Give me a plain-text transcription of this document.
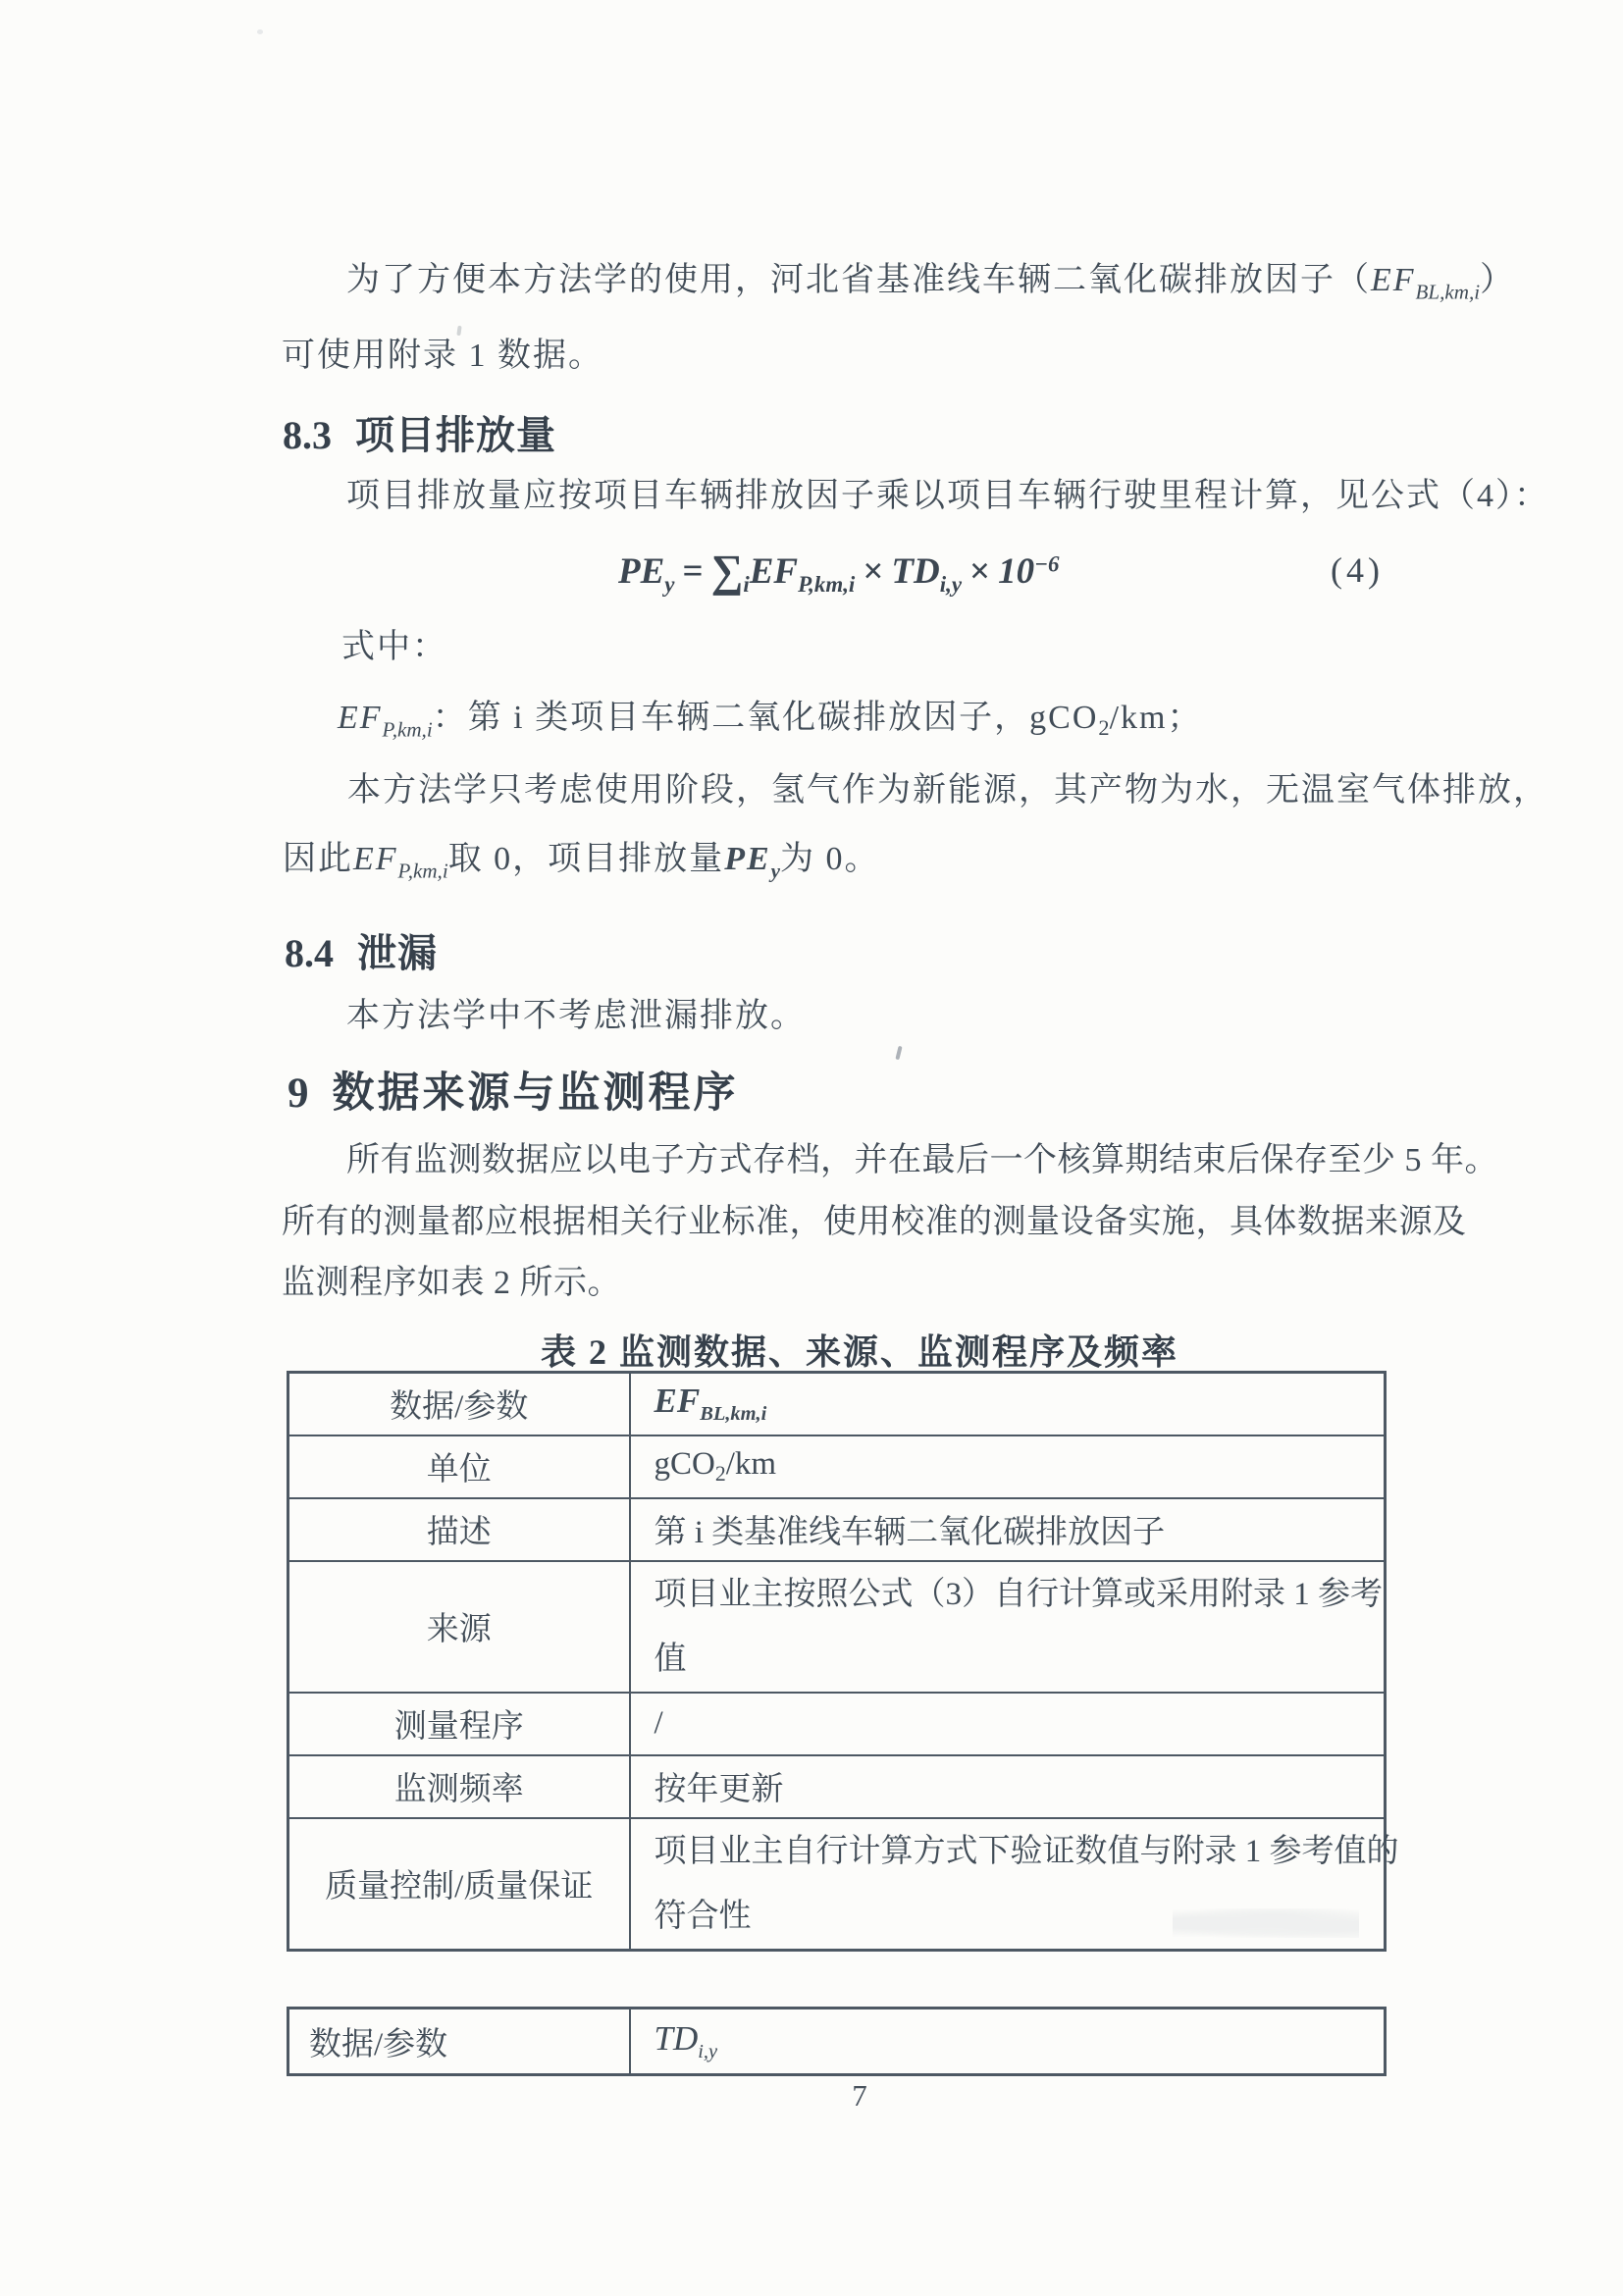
为了方便本方法学的使用，河北省基准线车辆二氧化碳排放因子$(EF_{BL,km,i})$
可使用附录 1 数据。
8.3 项目排放量
项目排放量应按项目车辆排放因子乘以项目车辆行驶里程计算，见公式（4）：
$PE_y = \sum_iEF_{P,km,i} \times TD_{i,y} \times 10^{-6}$	(4)
式中：
$EF_{P,km,i}$：第 i 类项目车辆二氧化碳排放因子，gCO$_2$/km；
本方法学只考虑使用阶段，氢气作为新能源，其产物为水，无温室气体排放，
因此$EF_{P,km,i}$取 0，项目排放量$PE_y$为 0。
8.4 泄漏
本方法学中不考虑泄漏排放。
9 数据来源与监测程序
所有监测数据应以电子方式存档，并在最后一个核算期结束后保存至少 5 年。
所有的测量都应根据相关行业标准，使用校准的测量设备实施，具体数据来源及
监测程序如表 2 所示。
表 2 监测数据、来源、监测程序及频率
数据/参数	$EF_{BL,km,i}$
单位	gCO$_2$/km
描述	第 i 类基准线车辆二氧化碳排放因子
来源	项目业主按照公式（3）自行计算或采用附录 1 参考
值

测量程序	/
监测频率	按年更新
质量控制/质量保证	项目业主自行计算方式下验证数值与附录 1 参考值的
符合性
数据/参数	$TD_{i,y}$
7
